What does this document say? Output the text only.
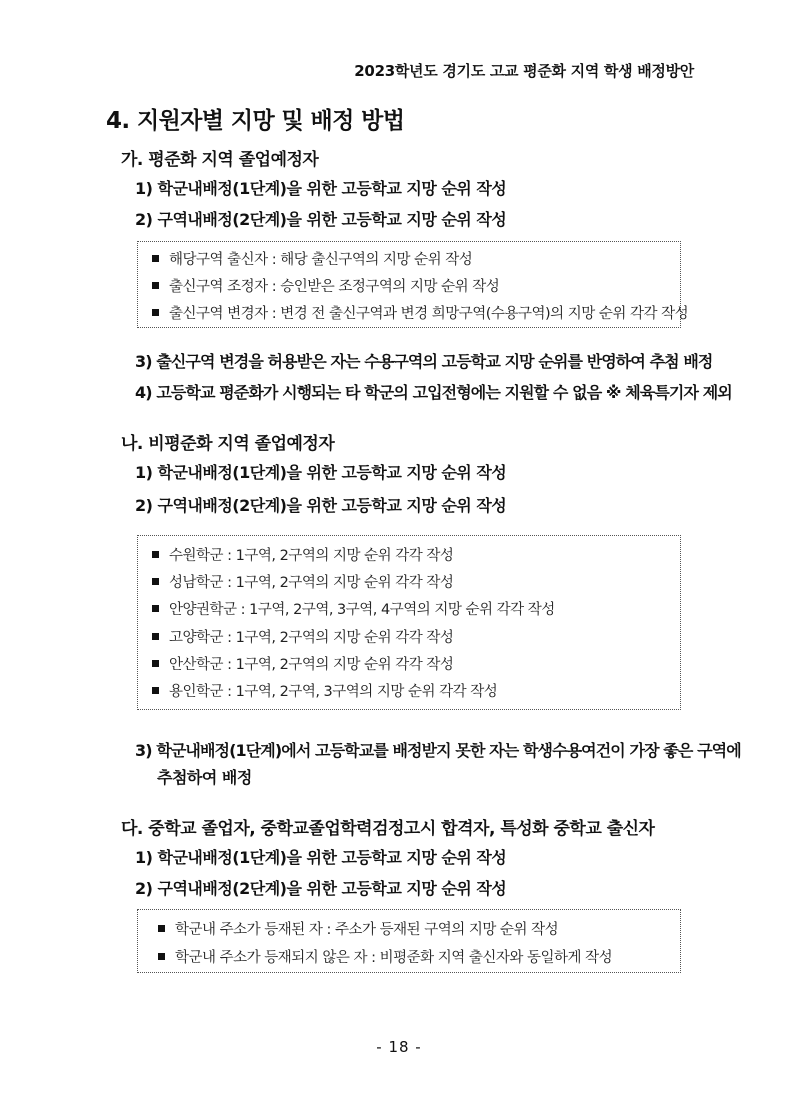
2023학년도 경기도 고교 평준화 지역 학생 배정방안
4. 지원자별 지망 및 배정 방법
가. 평준화 지역 졸업예정자
1) 학군내배정(1단계)을 위한 고등학교 지망 순위 작성
2) 구역내배정(2단계)을 위한 고등학교 지망 순위 작성
해당구역 출신자 : 해당 출신구역의 지망 순위 작성
출신구역 조정자 : 승인받은 조정구역의 지망 순위 작성
출신구역 변경자 : 변경 전 출신구역과 변경 희망구역(수용구역)의 지망 순위 각각 작성
3) 출신구역 변경을 허용받은 자는 수용구역의 고등학교 지망 순위를 반영하여 추첨 배정
4) 고등학교 평준화가 시행되는 타 학군의 고입전형에는 지원할 수 없음 ※ 체육특기자 제외
나. 비평준화 지역 졸업예정자
1) 학군내배정(1단계)을 위한 고등학교 지망 순위 작성
2) 구역내배정(2단계)을 위한 고등학교 지망 순위 작성
수원학군 : 1구역, 2구역의 지망 순위 각각 작성
성남학군 : 1구역, 2구역의 지망 순위 각각 작성
안양권학군 : 1구역, 2구역, 3구역, 4구역의 지망 순위 각각 작성
고양학군 : 1구역, 2구역의 지망 순위 각각 작성
안산학군 : 1구역, 2구역의 지망 순위 각각 작성
용인학군 : 1구역, 2구역, 3구역의 지망 순위 각각 작성
3) 학군내배정(1단계)에서 고등학교를 배정받지 못한 자는 학생수용여건이 가장 좋은 구역에
추첨하여 배정
다. 중학교 졸업자, 중학교졸업학력검정고시 합격자, 특성화 중학교 출신자
1) 학군내배정(1단계)을 위한 고등학교 지망 순위 작성
2) 구역내배정(2단계)을 위한 고등학교 지망 순위 작성
학군내 주소가 등재된 자 : 주소가 등재된 구역의 지망 순위 작성
학군내 주소가 등재되지 않은 자 : 비평준화 지역 출신자와 동일하게 작성
- 18 -
